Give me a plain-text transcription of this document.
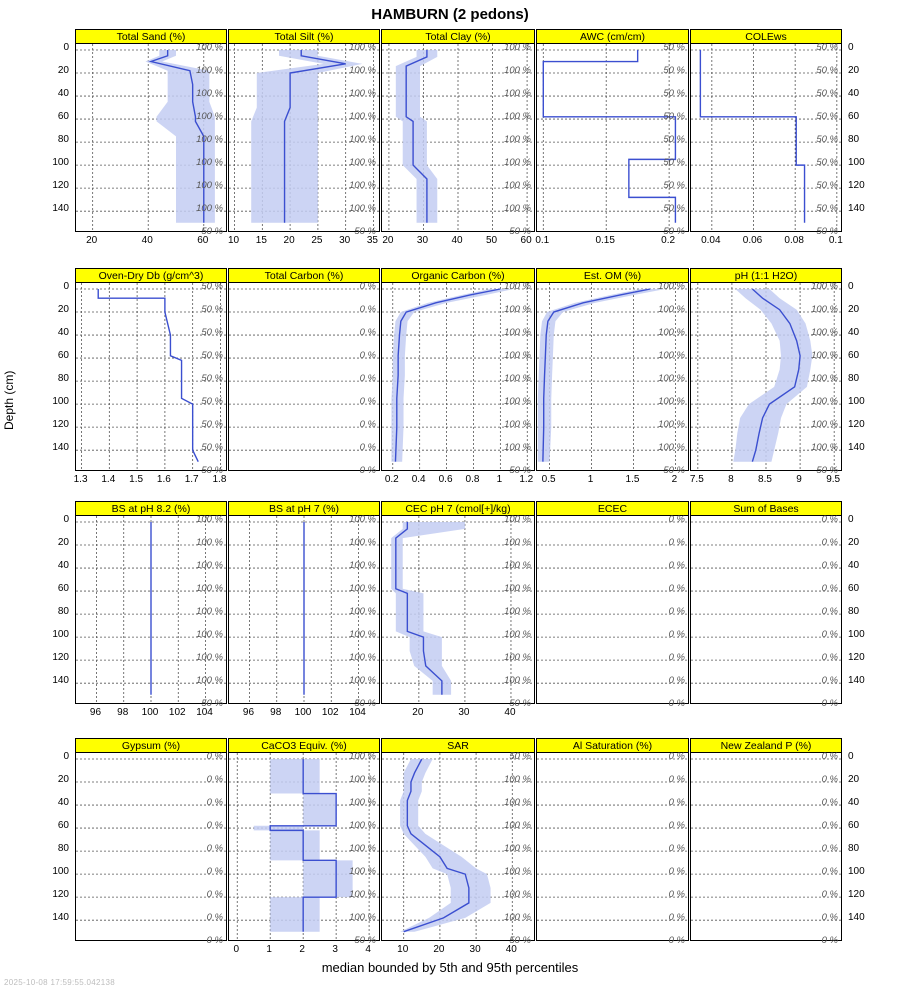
HAMBURN (2 pedons)
Depth (cm)
median bounded by 5th and 95th percentiles
2025-10-08 17:59:55.042138
Total Sand (%)
100 %
100 %
100 %
100 %
100 %
100 %
100 %
100 %
50 %
20	40	60
Total Silt (%)
100 %
100 %
100 %
100 %
100 %
100 %
100 %
100 %
50 %
10	15	20	25	30	35
Total Clay (%)
100 %
100 %
100 %
100 %
100 %
100 %
100 %
100 %
50 %
20	30	40	50	60
AWC (cm/cm)
50 %
50 %
50 %
50 %
50 %
50 %
50 %
50 %
50 %
0.1	0.15	0.2
COLEws
50 %
50 %
50 %
50 %
50 %
50 %
50 %
50 %
50 %
0.04	0.06	0.08	0.1
Oven-Dry Db (g/cm^3)
50 %
50 %
50 %
50 %
50 %
50 %
50 %
50 %
50 %
1.3	1.4	1.5	1.6	1.7	1.8
Total Carbon (%)
0 %
0 %
0 %
0 %
0 %
0 %
0 %
0 %
0 %
Organic Carbon (%)
100 %
100 %
100 %
100 %
100 %
100 %
100 %
100 %
50 %
0.2	0.4	0.6	0.8	1	1.2
Est. OM (%)
100 %
100 %
100 %
100 %
100 %
100 %
100 %
100 %
50 %
0.5	1	1.5	2
pH (1:1 H2O)
100 %
100 %
100 %
100 %
100 %
100 %
100 %
100 %
50 %
7.5	8	8.5	9	9.5
BS at pH 8.2 (%)
100 %
100 %
100 %
100 %
100 %
100 %
100 %
100 %
50 %
96	98	100	102	104
BS at pH 7 (%)
100 %
100 %
100 %
100 %
100 %
100 %
100 %
100 %
50 %
96	98	100	102	104
CEC pH 7 (cmol[+]/kg)
100 %
100 %
100 %
100 %
100 %
100 %
100 %
100 %
50 %
20	30	40
ECEC
0 %
0 %
0 %
0 %
0 %
0 %
0 %
0 %
0 %
Sum of Bases
0 %
0 %
0 %
0 %
0 %
0 %
0 %
0 %
0 %
Gypsum (%)
0 %
0 %
0 %
0 %
0 %
0 %
0 %
0 %
0 %
CaCO3 Equiv. (%)
100 %
100 %
100 %
100 %
100 %
100 %
100 %
100 %
50 %
0	1	2	3	4
SAR
50 %
100 %
100 %
100 %
100 %
100 %
100 %
100 %
50 %
10	20	30	40
Al Saturation (%)
0 %
0 %
0 %
0 %
0 %
0 %
0 %
0 %
0 %
New Zealand P (%)
0 %
0 %
0 %
0 %
0 %
0 %
0 %
0 %
0 %
0
20
40
60
80
100
120
140
0
20
40
60
80
100
120
140
0
20
40
60
80
100
120
140
0
20
40
60
80
100
120
140
0
20
40
60
80
100
120
140
0
20
40
60
80
100
120
140
0
20
40
60
80
100
120
140
0
20
40
60
80
100
120
140
